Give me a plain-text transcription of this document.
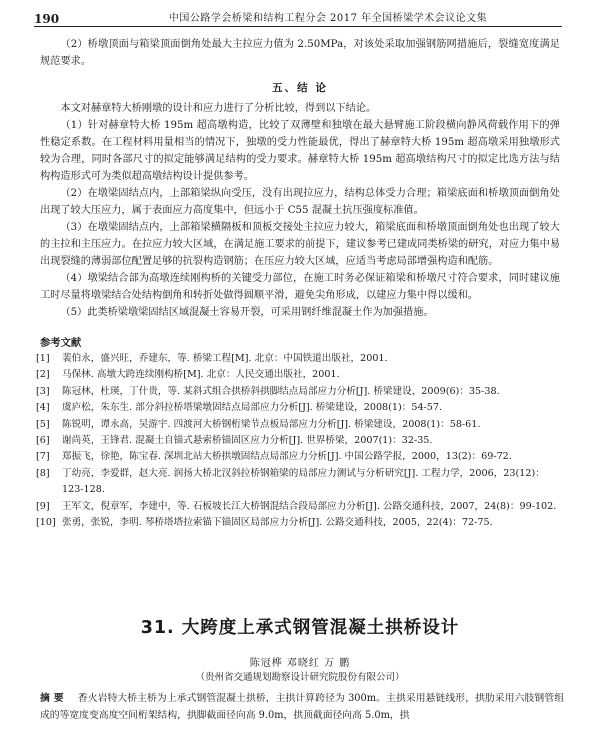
190	中国公路学会桥梁和结构工程分会 2017 年全国桥梁学术会议论文集

（2）桥墩顶面与箱梁顶面倒角处最大主拉应力值为 2.50MPa，对该处采取加强钢筋网措施后，裂缝宽度满足规范要求。

五、结 论

本文对赫章特大桥刚墩的设计和应力进行了分析比较，得到以下结论。

（1）针对赫章特大桥 195m 超高墩构造，比较了双薄壁和独墩在最大悬臂施工阶段横向静风荷载作用下的弹性稳定系数。在工程材料用量相当的情况下，独墩的受力性能最优，得出了赫章特大桥 195m 超高墩采用独墩形式较为合理，同时各部尺寸的拟定能够满足结构的受力要求。赫章特大桥 195m 超高墩结构尺寸的拟定比选方法与结构构造形式可为类似超高墩结构设计提供参考。

（2）在墩梁固结点内，上部箱梁纵向受压，没有出现拉应力，结构总体受力合理；箱梁底面和桥墩顶面倒角处出现了较大压应力，属于表面应力高度集中，但远小于 C55 混凝土抗压强度标准值。

（3）在墩梁固结点内，上部箱梁横隔板和顶板交接处主拉应力较大，箱梁底面和桥墩顶面倒角处也出现了较大的主拉和主压应力。在拉应力较大区域，在满足施工要求的前提下，建议参考已建成同类桥梁的研究，对应力集中易出现裂缝的薄弱部位配置足够的抗裂构造钢筋；在压应力较大区域，应适当考虑局部增强构造和配筋。

（4）墩梁结合部为高墩连续刚构桥的关键受力部位，在施工时务必保证箱梁和桥墩尺寸符合要求，同时建议施工时尽量将墩梁结合处结构倒角和转折处做得圆顺平滑，避免尖角形成，以建应力集中得以缓和。

（5）此类桥梁墩梁固结区域混凝土容易开裂，可采用钢纤维混凝土作为加强措施。

参考文献
[1]	裴伯永，盛兴旺，乔建东，等. 桥梁工程[M]. 北京：中国铁道出版社，2001.
[2]	马保林. 高墩大跨连续刚构桥[M]. 北京：人民交通出版社，2001.
[3]	陈冠林，杜瑛，丁什贵，等. 某斜式组合拱桥斜拱脚结点局部应力分析[J]. 桥梁建设，2009(6)：35-38.
[4]	虞庐松，朱东生. 部分斜拉桥塔梁墩固结点局部应力分析[J]. 桥梁建设，2008(1)：54-57.
[5]	陈锐明，谭永高，吴游宇. 四渡河大桥钢桁梁节点板局部应力分析[J]. 桥梁建设，2008(1)：58-61.
[6]	谢尚英，王锋君. 混凝土自锚式悬索桥锚固区应力分析[J]. 世界桥梁，2007(1)：32-35.
[7]	郑振飞，徐艳，陈宝春. 深圳北站大桥拱墩固结点局部应力分析[J]. 中国公路学报，2000，13(2)：69-72.
[8]	丁幼亮，李爱群，赵大亮. 润扬大桥北汊斜拉桥钢箱梁的局部应力测试与分析研究[J]. 工程力学，2006，23(12)：123-128.
[9]	王军文，倪章军，李建中，等. 石板坡长江大桥钢混结合段局部应力分析[J]. 公路交通科技，2007，24(8)：99-102.
[10] 张勇，张锐，李明. 琴桥塔塔拉索锚下锚固区局部应力分析[J]. 公路交通科技，2005，22(4)：72-75.
31. 大跨度上承式钢管混凝土拱桥设计
陈冠桦 邓晓红 万 鹏
（贵州省交通规划勘察设计研究院股份有限公司）
摘要 香火岩特大桥主桥为上承式钢管混凝土拱桥，主拱计算跨径为 300m。主拱采用悬链线形，拱肋采用六肢钢管组成的等宽度变高度空间桁架结构，拱脚截面径向高 9.0m，拱顶截面径向高 5.0m，拱
